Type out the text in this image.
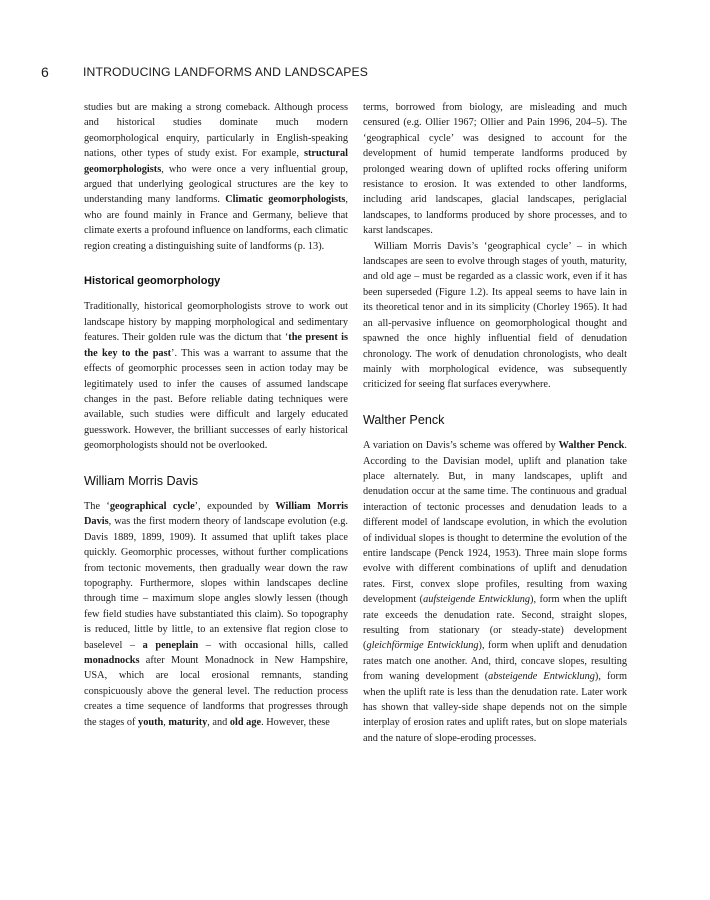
6	INTRODUCING LANDFORMS AND LANDSCAPES

studies but are making a strong comeback. Although process and historical studies dominate much modern geomorphological enquiry, particularly in English-speaking nations, other types of study exist. For example, structural geomorphologists, who were once a very influential group, argued that underlying geological structures are the key to understanding many landforms. Climatic geomorphologists, who are found mainly in France and Germany, believe that climate exerts a profound influence on landforms, each climatic region creating a distinguishing suite of landforms (p. 13).

Historical geomorphology

Traditionally, historical geomorphologists strove to work out landscape history by mapping morphological and sedimentary features. Their golden rule was the dictum that ‘the present is the key to the past’. This was a warrant to assume that the effects of geomorphic processes seen in action today may be legitimately used to infer the causes of assumed landscape changes in the past. Before reliable dating techniques were available, such studies were difficult and largely educated guesswork. However, the brilliant successes of early historical geomorphologists should not be overlooked.

William Morris Davis

The ‘geographical cycle’, expounded by William Morris Davis, was the first modern theory of landscape evolution (e.g. Davis 1889, 1899, 1909). It assumed that uplift takes place quickly. Geomorphic processes, without further complications from tectonic movements, then gradually wear down the raw topography. Furthermore, slopes within landscapes decline through time – maximum slope angles slowly lessen (though few field studies have substantiated this claim). So topography is reduced, little by little, to an extensive flat region close to baselevel – a peneplain – with occasional hills, called monadnocks after Mount Monadnock in New Hampshire, USA, which are local erosional remnants, standing conspicuously above the general level. The reduction process creates a time sequence of landforms that progresses through the stages of youth, maturity, and old age. However, these

terms, borrowed from biology, are misleading and much censured (e.g. Ollier 1967; Ollier and Pain 1996, 204–5). The ‘geographical cycle’ was designed to account for the development of humid temperate landforms produced by prolonged wearing down of uplifted rocks offering uniform resistance to erosion. It was extended to other landforms, including arid landscapes, glacial landscapes, periglacial landscapes, to landforms produced by shore processes, and to karst landscapes.

William Morris Davis’s ‘geographical cycle’ – in which landscapes are seen to evolve through stages of youth, maturity, and old age – must be regarded as a classic work, even if it has been superseded (Figure 1.2). Its appeal seems to have lain in its theoretical tenor and in its simplicity (Chorley 1965). It had an all-pervasive influence on geomorphological thought and spawned the once highly influential field of denudation chronology. The work of denudation chronologists, who dealt mainly with morphological evidence, was subsequently criticized for seeing flat surfaces everywhere.

Walther Penck

A variation on Davis’s scheme was offered by Walther Penck. According to the Davisian model, uplift and planation take place alternately. But, in many landscapes, uplift and denudation occur at the same time. The continuous and gradual interaction of tectonic processes and denudation leads to a different model of landscape evolution, in which the evolution of individual slopes is thought to determine the evolution of the entire landscape (Penck 1924, 1953). Three main slope forms evolve with different combinations of uplift and denudation rates. First, convex slope profiles, resulting from waxing development (aufsteigende Entwicklung), form when the uplift rate exceeds the denudation rate. Second, straight slopes, resulting from stationary (or steady-state) development (gleichförmige Entwicklung), form when uplift and denudation rates match one another. And, third, concave slopes, resulting from waning development (absteigende Entwicklung), form when the uplift rate is less than the denudation rate. Later work has shown that valley-side shape depends not on the simple interplay of erosion rates and uplift rates, but on slope materials and the nature of slope-eroding processes.
